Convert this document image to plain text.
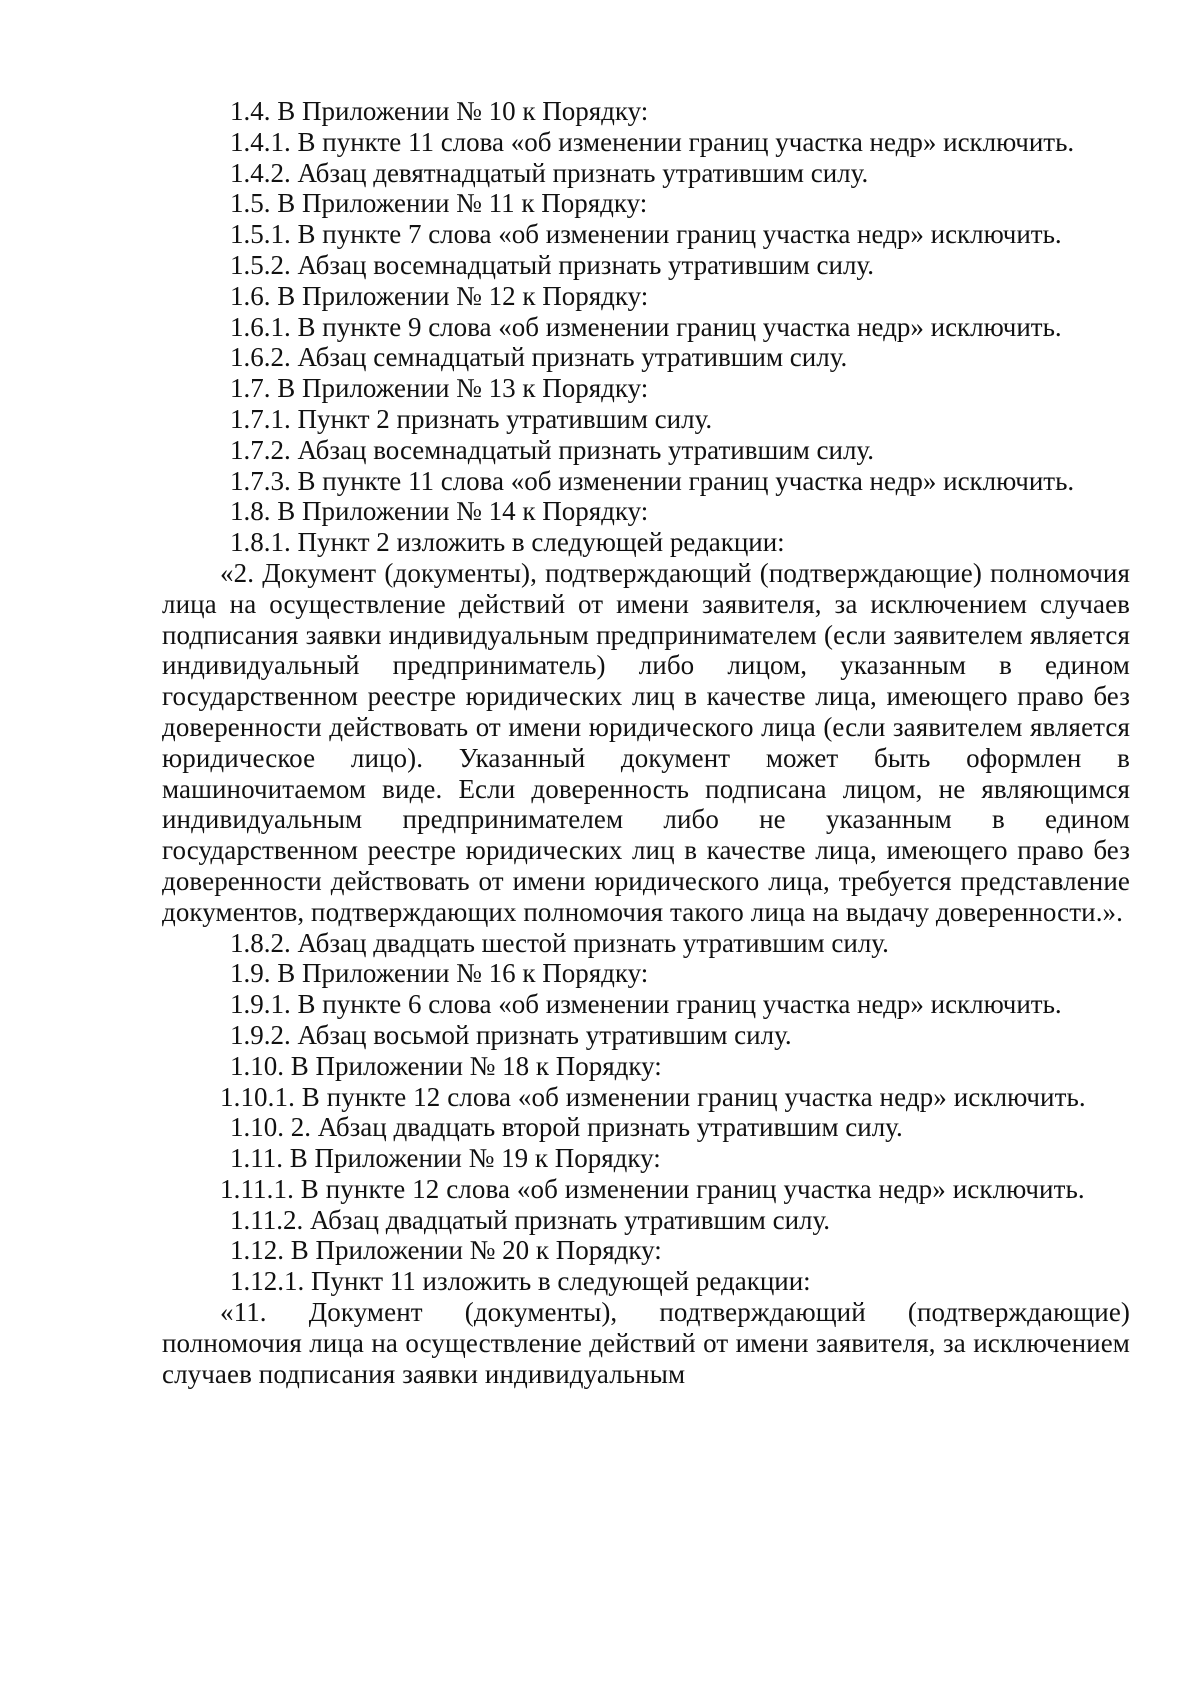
1.4. В Приложении № 10 к Порядку:

1.4.1. В пункте 11 слова «об изменении границ участка недр» исключить.

1.4.2. Абзац девятнадцатый признать утратившим силу.

1.5. В Приложении № 11 к Порядку:

1.5.1. В пункте 7 слова «об изменении границ участка недр» исключить.

1.5.2. Абзац восемнадцатый признать утратившим силу.

1.6. В Приложении № 12 к Порядку:

1.6.1. В пункте 9 слова «об изменении границ участка недр» исключить.

1.6.2. Абзац семнадцатый признать утратившим силу.

1.7. В Приложении № 13 к Порядку:

1.7.1. Пункт 2 признать утратившим силу.

1.7.2. Абзац восемнадцатый признать утратившим силу.

1.7.3. В пункте 11 слова «об изменении границ участка недр» исключить.

1.8. В Приложении № 14 к Порядку:

1.8.1. Пункт 2 изложить в следующей редакции:

«2. Документ (документы), подтверждающий (подтверждающие) полномочия лица на осуществление действий от имени заявителя, за исключением случаев подписания заявки индивидуальным предпринимателем (если заявителем является индивидуальный предприниматель) либо лицом, указанным в едином государственном реестре юридических лиц в качестве лица, имеющего право без доверенности действовать от имени юридического лица (если заявителем является юридическое лицо). Указанный документ может быть оформлен в машиночитаемом виде. Если доверенность подписана лицом, не являющимся индивидуальным предпринимателем либо не указанным в едином государственном реестре юридических лиц в качестве лица, имеющего право без доверенности действовать от имени юридического лица, требуется представление документов, подтверждающих полномочия такого лица на выдачу доверенности.».

1.8.2. Абзац двадцать шестой признать утратившим силу.

1.9. В Приложении № 16 к Порядку:

1.9.1. В пункте 6 слова «об изменении границ участка недр» исключить.

1.9.2. Абзац восьмой признать утратившим силу.

1.10. В Приложении № 18 к Порядку:

1.10.1. В пункте 12 слова «об изменении границ участка недр» исключить.

1.10. 2. Абзац двадцать второй признать утратившим силу.

1.11. В Приложении № 19 к Порядку:

1.11.1. В пункте 12 слова «об изменении границ участка недр» исключить.

1.11.2. Абзац двадцатый признать утратившим силу.

1.12. В Приложении № 20 к Порядку:

1.12.1. Пункт 11 изложить в следующей редакции:

«11. Документ (документы), подтверждающий (подтверждающие) полномочия лица на осуществление действий от имени заявителя, за исключением случаев подписания заявки индивидуальным
